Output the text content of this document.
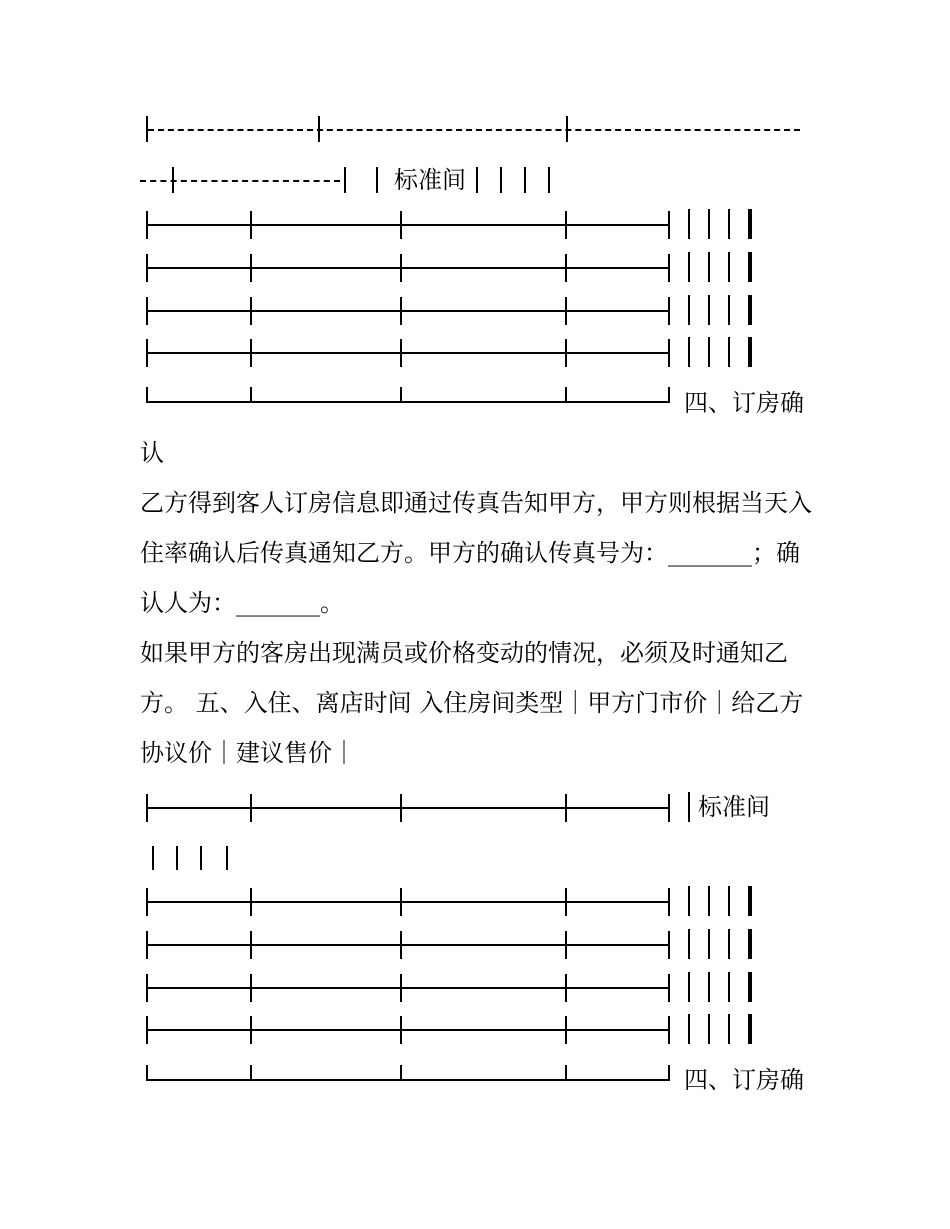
标准间
四、订房确
认

乙方得到客人订房信息即通过传真告知甲方，甲方则根据当天入住率确认后传真通知乙方。甲方的确认传真号为：_______；确认人为：_______。

如果甲方的客房出现满员或价格变动的情况，必须及时通知乙方。 五、入住、离店时间 入住房间类型｜甲方门市价｜给乙方协议价｜建议售价｜

标准间
四、订房确
